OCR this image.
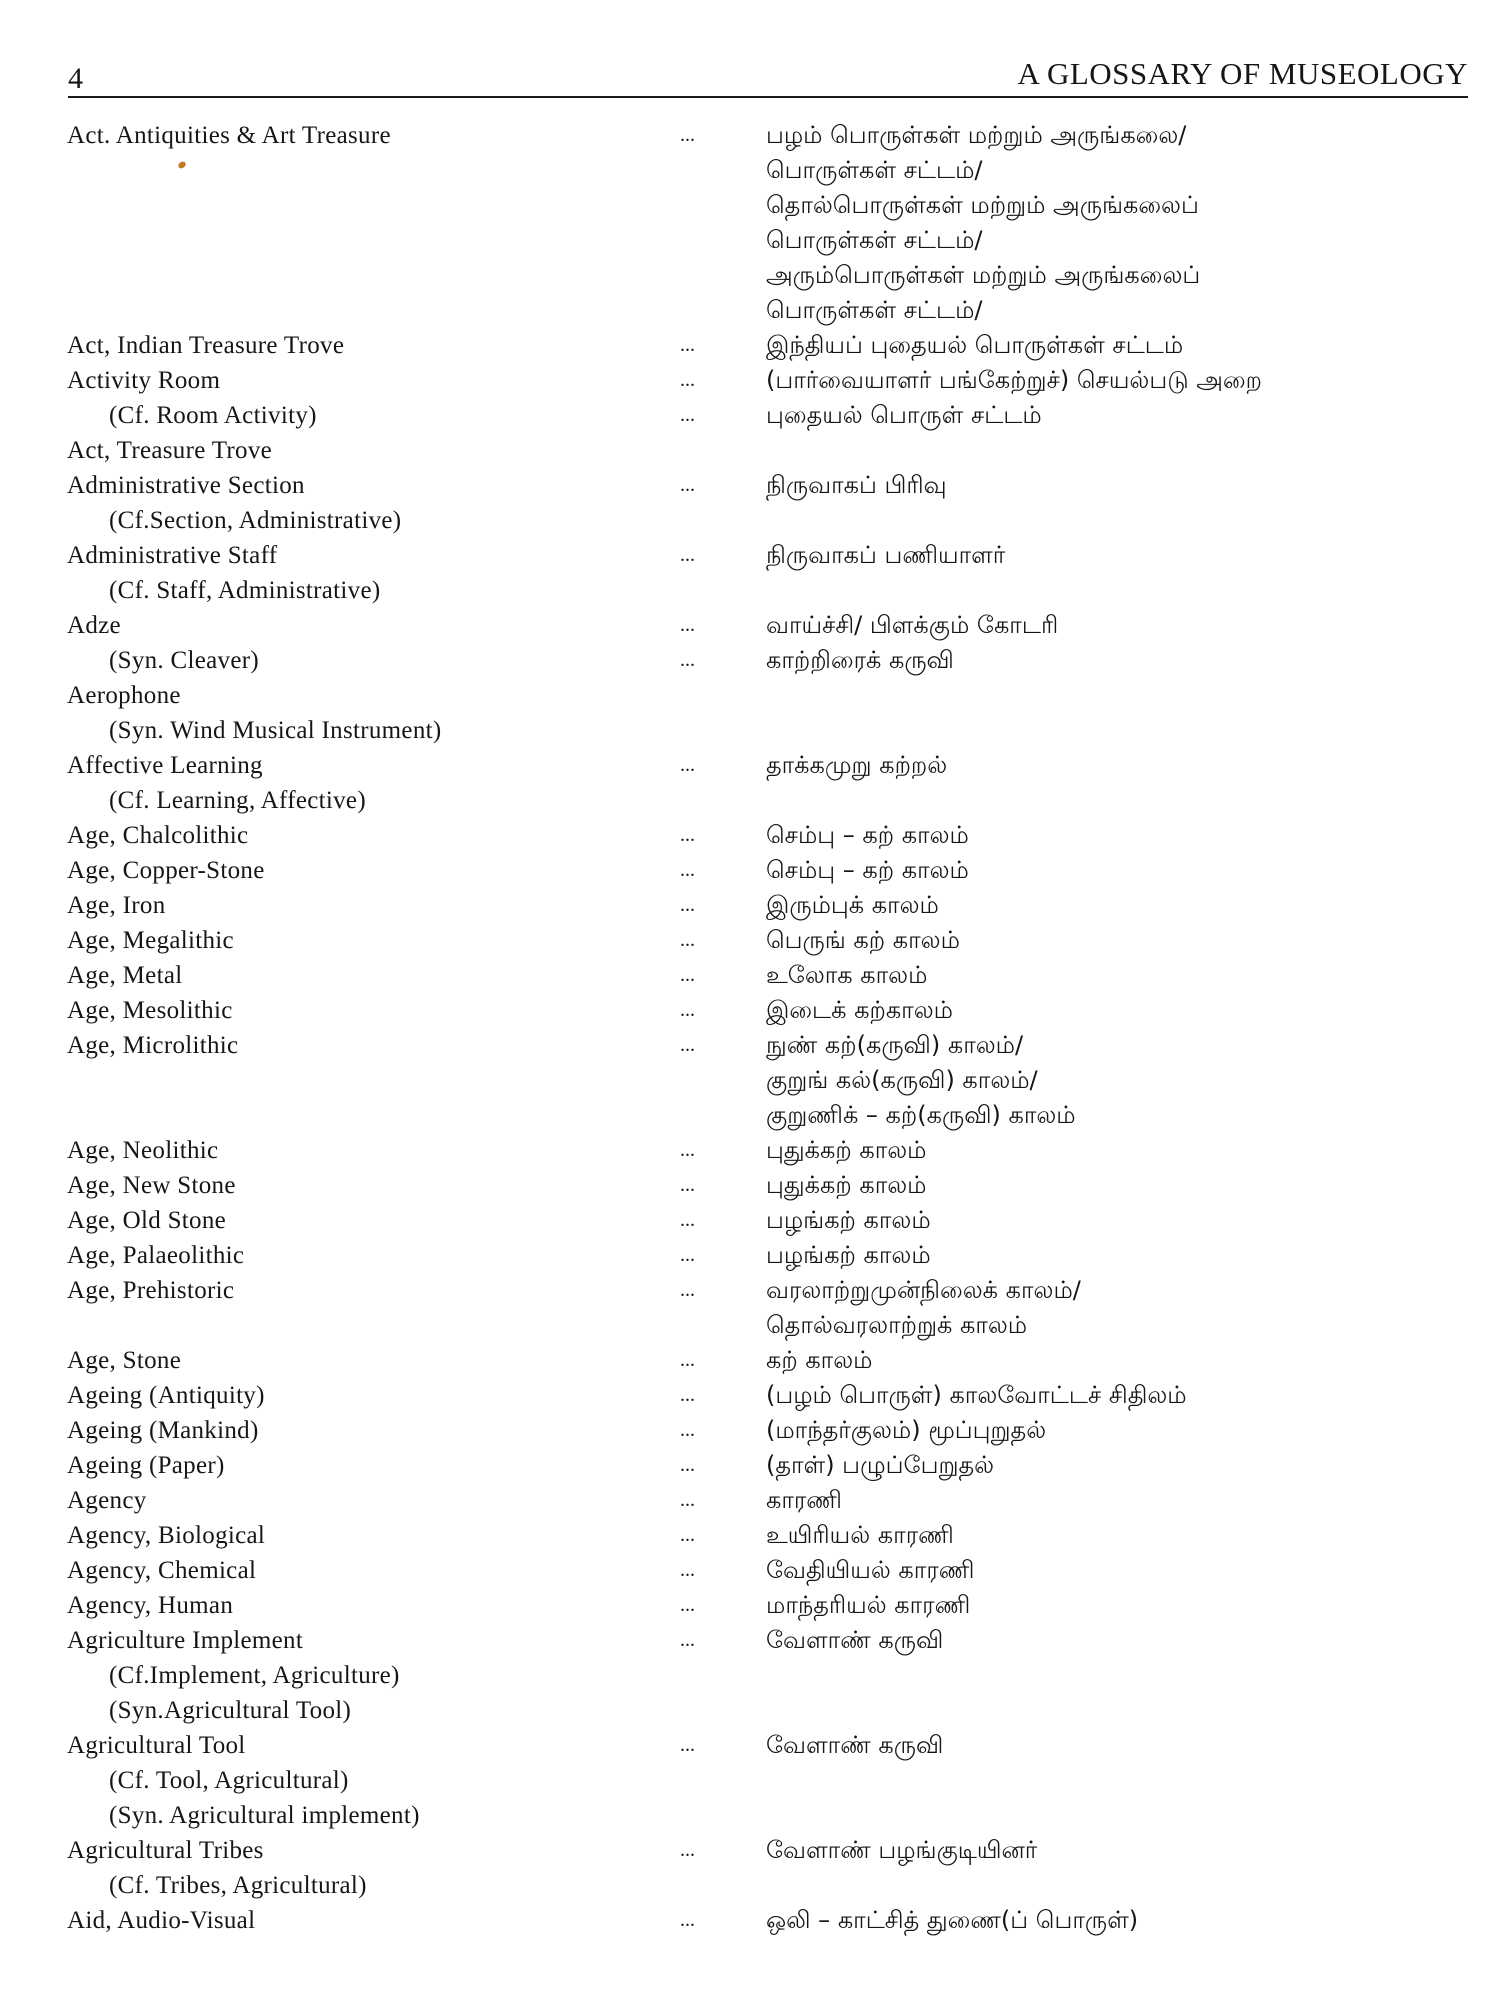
4	A GLOSSARY OF MUSEOLOGY
Act. Antiquities & Art Treasure	...	பழம் பொருள்கள் மற்றும் அருங்கலை/
பொருள்கள் சட்டம்/
தொல்பொருள்கள் மற்றும் அருங்கலைப்
பொருள்கள் சட்டம்/
அரும்பொருள்கள் மற்றும் அருங்கலைப்
பொருள்கள் சட்டம்/
Act, Indian Treasure Trove	...	இந்தியப் புதையல் பொருள்கள் சட்டம்
Activity Room	...	(பார்வையாளர் பங்கேற்றுச்) செயல்படு அறை
(Cf. Room Activity)	...	புதையல் பொருள் சட்டம்
Act, Treasure Trove
Administrative Section	...	நிருவாகப் பிரிவு
(Cf.Section, Administrative)
Administrative Staff	...	நிருவாகப் பணியாளர்
(Cf. Staff, Administrative)
Adze	...	வாய்ச்சி/ பிளக்கும் கோடரி
(Syn. Cleaver)	...	காற்றிரைக் கருவி
Aerophone
(Syn. Wind Musical Instrument)
Affective Learning	...	தாக்கமுறு கற்றல்
(Cf. Learning, Affective)
Age, Chalcolithic	...	செம்பு – கற் காலம்
Age, Copper-Stone	...	செம்பு – கற் காலம்
Age, Iron	...	இரும்புக் காலம்
Age, Megalithic	...	பெருங் கற் காலம்
Age, Metal	...	உலோக காலம்
Age, Mesolithic	...	இடைக் கற்காலம்
Age, Microlithic	...	நுண் கற்(கருவி) காலம்/
குறுங் கல்(கருவி) காலம்/
குறுணிக் – கற்(கருவி) காலம்
Age, Neolithic	...	புதுக்கற் காலம்
Age, New Stone	...	புதுக்கற் காலம்
Age, Old Stone	...	பழங்கற் காலம்
Age, Palaeolithic	...	பழங்கற் காலம்
Age, Prehistoric	...	வரலாற்றுமுன்நிலைக் காலம்/
தொல்வரலாற்றுக் காலம்
Age, Stone	...	கற் காலம்
Ageing (Antiquity)	...	(பழம் பொருள்) காலவோட்டச் சிதிலம்
Ageing (Mankind)	...	(மாந்தர்குலம்) மூப்புறுதல்
Ageing (Paper)	...	(தாள்) பழுப்பேறுதல்
Agency	...	காரணி
Agency, Biological	...	உயிரியல் காரணி
Agency, Chemical	...	வேதியியல் காரணி
Agency, Human	...	மாந்தரியல் காரணி
Agriculture Implement	...	வேளாண் கருவி
(Cf.Implement, Agriculture)
(Syn.Agricultural Tool)
Agricultural Tool	...	வேளாண் கருவி
(Cf. Tool, Agricultural)
(Syn. Agricultural implement)
Agricultural Tribes	...	வேளாண் பழங்குடியினர்
(Cf. Tribes, Agricultural)
Aid, Audio-Visual	...	ஒலி – காட்சித் துணை(ப் பொருள்)
